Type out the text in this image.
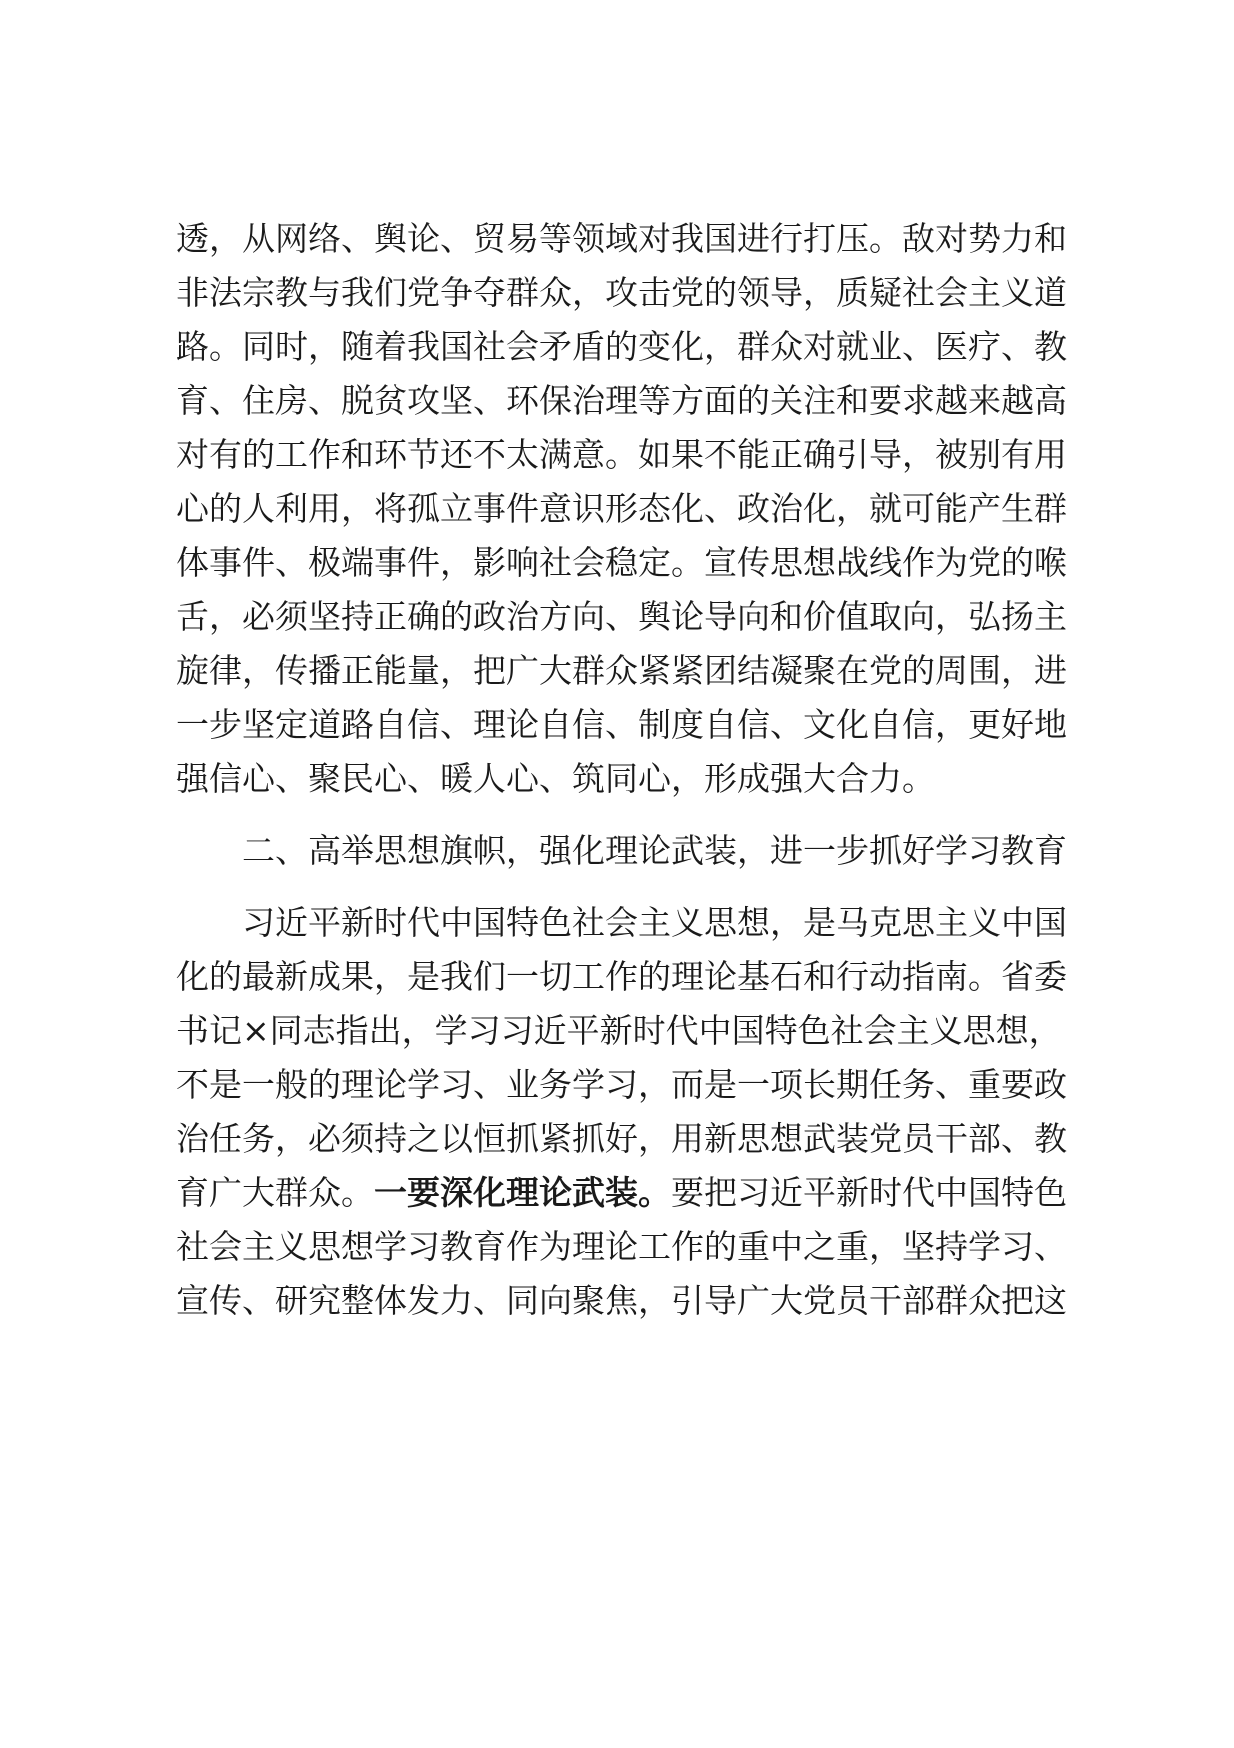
透，从网络、舆论、贸易等领域对我国进行打压。敌对势力和
非法宗教与我们党争夺群众，攻击党的领导，质疑社会主义道
路。同时，随着我国社会矛盾的变化，群众对就业、医疗、教
育、住房、脱贫攻坚、环保治理等方面的关注和要求越来越高
对有的工作和环节还不太满意。如果不能正确引导，被别有用
心的人利用，将孤立事件意识形态化、政治化，就可能产生群
体事件、极端事件，影响社会稳定。宣传思想战线作为党的喉
舌，必须坚持正确的政治方向、舆论导向和价值取向，弘扬主
旋律，传播正能量，把广大群众紧紧团结凝聚在党的周围，进
一步坚定道路自信、理论自信、制度自信、文化自信，更好地
强信心、聚民心、暖人心、筑同心，形成强大合力。
　　二、高举思想旗帜，强化理论武装，进一步抓好学习教育
　　习近平新时代中国特色社会主义思想，是马克思主义中国
化的最新成果，是我们一切工作的理论基石和行动指南。省委
书记×同志指出，学习习近平新时代中国特色社会主义思想，
不是一般的理论学习、业务学习，而是一项长期任务、重要政
治任务，必须持之以恒抓紧抓好，用新思想武装党员干部、教
育广大群众。一要深化理论武装。要把习近平新时代中国特色
社会主义思想学习教育作为理论工作的重中之重，坚持学习、
宣传、研究整体发力、同向聚焦，引导广大党员干部群众把这
